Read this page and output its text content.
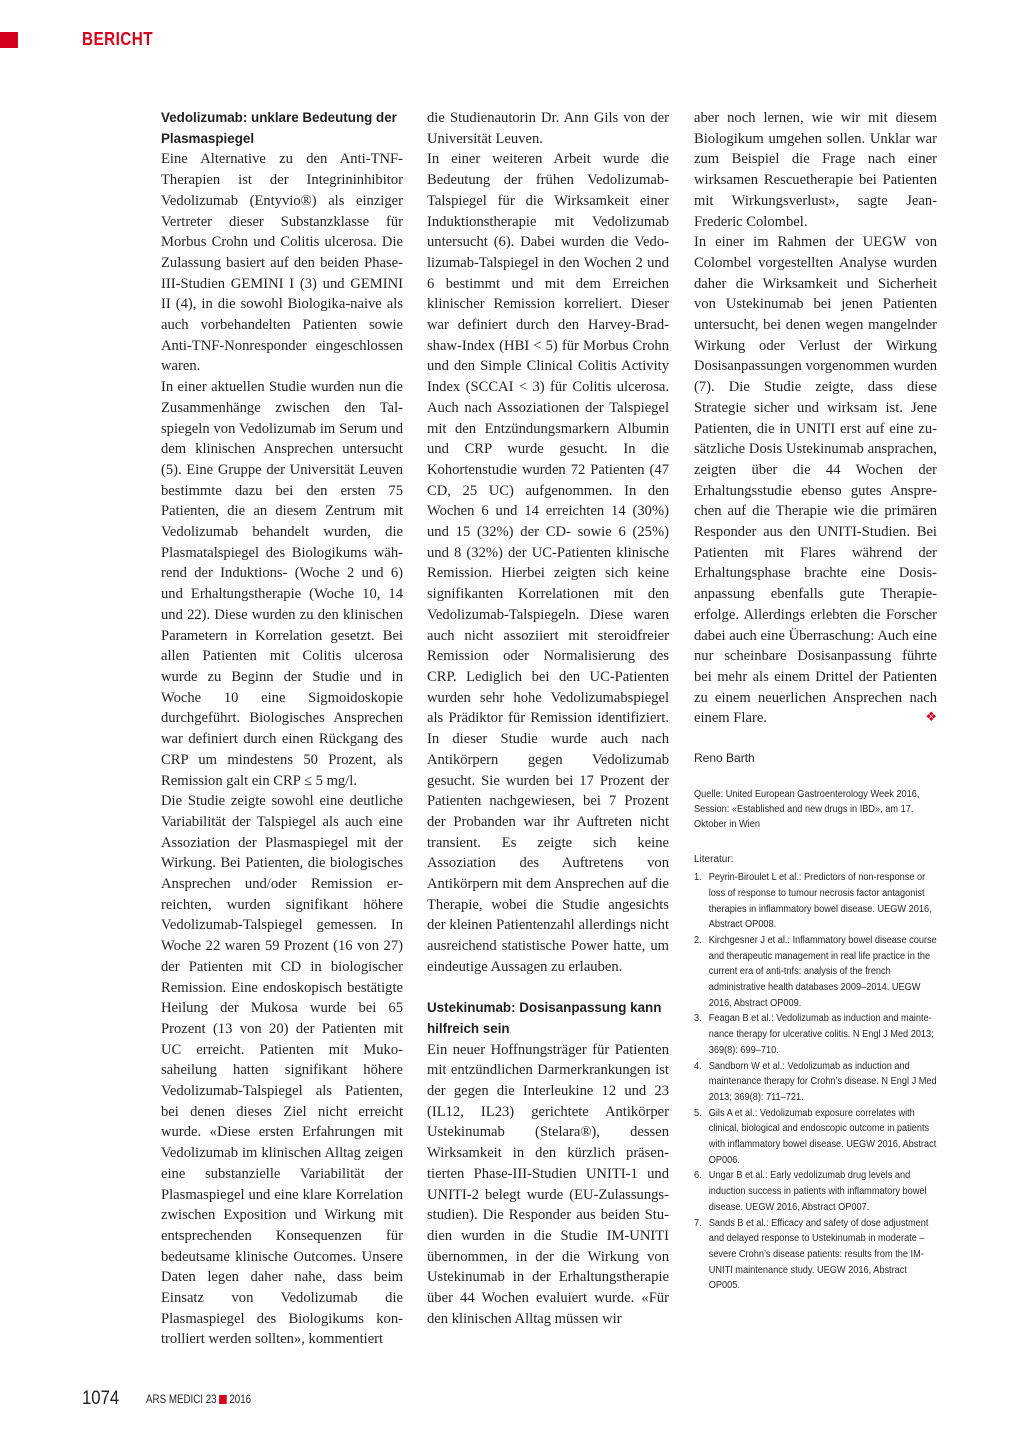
BERICHT
Vedolizumab: unklare Bedeutung der Plasmaspiegel

Eine Alternative zu den Anti-TNF-Therapien ist der Integrininhibitor Vedolizumab (Entyvio®) als einziger Vertreter dieser Substanzklasse für Morbus Crohn und Colitis ulcerosa. Die Zulassung basiert auf den beiden Phase-III-Studien GEMINI I (3) und GEMINI II (4), in die sowohl Biologika-naive als auch vorbehandelten Patienten sowie Anti-TNF-Nonresponder eingeschlossen waren.

In einer aktuellen Studie wurden nun die Zusammenhänge zwischen den Talspiegeln von Vedolizumab im Serum und dem klinischen Ansprechen untersucht (5). Eine Gruppe der Universität Leuven bestimmte dazu bei den ersten 75 Patienten, die an diesem Zentrum mit Vedolizumab behandelt wurden, die Plasmatalspiegel des Biologikums während der Induktions- (Woche 2 und 6) und Erhaltungstherapie (Woche 10, 14 und 22). Diese wurden zu den klinischen Parametern in Korrelation gesetzt. Bei allen Patienten mit Colitis ulcerosa wurde zu Beginn der Studie und in Woche 10 eine Sigmoidoskopie durchgeführt. Biologisches Ansprechen war definiert durch einen Rückgang des CRP um mindestens 50 Prozent, als Remission galt ein CRP ≤ 5 mg/l.

Die Studie zeigte sowohl eine deutliche Variabilität der Talspiegel als auch eine Assoziation der Plasmaspiegel mit der Wirkung. Bei Patienten, die biologisches Ansprechen und/oder Remission erreichten, wurden signifikant höhere Vedolizumab-Talspiegel gemessen. In Woche 22 waren 59 Prozent (16 von 27) der Patienten mit CD in biologischer Remission. Eine endoskopisch bestätigte Heilung der Mukosa wurde bei 65 Prozent (13 von 20) der Patienten mit UC erreicht. Patienten mit Mukosaheilung hatten signifikant höhere Vedolizumab-Talspiegel als Patienten, bei denen dieses Ziel nicht erreicht wurde. «Diese ersten Erfahrungen mit Vedolizumab im klinischen Alltag zeigen eine substanzielle Variabilität der Plasmaspiegel und eine klare Korrelation zwischen Exposition und Wirkung mit entsprechenden Konsequenzen für bedeutsame klinische Outcomes. Unsere Daten legen daher nahe, dass beim Einsatz von Vedolizumab die Plasmaspiegel des Biologikums kontrolliert werden sollten», kommentiert

die Studienautorin Dr. Ann Gils von der Universität Leuven.

In einer weiteren Arbeit wurde die Bedeutung der frühen Vedolizumab-Talspiegel für die Wirksamkeit einer Induktionstherapie mit Vedolizumab untersucht (6). Dabei wurden die Vedolizumab-Talspiegel in den Wochen 2 und 6 bestimmt und mit dem Erreichen klinischer Remission korreliert. Dieser war definiert durch den Harvey-Bradshaw-Index (HBI < 5) für Morbus Crohn und den Simple Clinical Colitis Activity Index (SCCAI < 3) für Colitis ulcerosa. Auch nach Assoziationen der Talspiegel mit den Entzündungsmarkern Albumin und CRP wurde gesucht. In die Kohortenstudie wurden 72 Patienten (47 CD, 25 UC) aufgenommen. In den Wochen 6 und 14 erreichten 14 (30%) und 15 (32%) der CD- sowie 6 (25%) und 8 (32%) der UC-Patienten klinische Remission. Hierbei zeigten sich keine signifikanten Korrelationen mit den Vedolizumab-Talspiegeln. Diese waren auch nicht assoziiert mit steroidfreier Remission oder Normalisierung des CRP. Lediglich bei den UC-Patienten wurden sehr hohe Vedolizumabspiegel als Prädiktor für Remission identifiziert. In dieser Studie wurde auch nach Antikörpern gegen Vedolizumab gesucht. Sie wurden bei 17 Prozent der Patienten nachgewiesen, bei 7 Prozent der Probanden war ihr Auftreten nicht transient. Es zeigte sich keine Assoziation des Auftretens von Antikörpern mit dem Ansprechen auf die Therapie, wobei die Studie angesichts der kleinen Patientenzahl allerdings nicht ausreichend statistische Power hatte, um eindeutige Aussagen zu erlauben.

Ustekinumab: Dosisanpassung kann hilfreich sein

Ein neuer Hoffnungsträger für Patienten mit entzündlichen Darmerkrankungen ist der gegen die Interleukine 12 und 23 (IL12, IL23) gerichtete Antikörper Ustekinumab (Stelara®), dessen Wirksamkeit in den kürzlich präsentierten Phase-III-Studien UNITI-1 und UNITI-2 belegt wurde (EU-Zulassungsstudien). Die Responder aus beiden Studien wurden in die Studie IM-UNITI übernommen, in der die Wirkung von Ustekinumab in der Erhaltungstherapie über 44 Wochen evaluiert wurde. «Für den klinischen Alltag müssen wir

aber noch lernen, wie wir mit diesem Biologikum umgehen sollen. Unklar war zum Beispiel die Frage nach einer wirksamen Rescuetherapie bei Patienten mit Wirkungsverlust», sagte Jean-Frederic Colombel.

In einer im Rahmen der UEGW von Colombel vorgestellten Analyse wurden daher die Wirksamkeit und Sicherheit von Ustekinumab bei jenen Patienten untersucht, bei denen wegen mangelnder Wirkung oder Verlust der Wirkung Dosisanpassungen vorgenommen wurden (7). Die Studie zeigte, dass diese Strategie sicher und wirksam ist. Jene Patienten, die in UNITI erst auf eine zusätzliche Dosis Ustekinumab ansprachen, zeigten über die 44 Wochen der Erhaltungsstudie ebenso gutes Ansprechen auf die Therapie wie die primären Responder aus den UNITI-Studien. Bei Patienten mit Flares während der Erhaltungsphase brachte eine Dosisanpassung ebenfalls gute Therapieerfolge. Allerdings erlebten die Forscher dabei auch eine Überraschung: Auch eine nur scheinbare Dosisanpassung führte bei mehr als einem Drittel der Patienten zu einem neuerlichen Ansprechen nach einem Flare.	❖

Reno Barth
Quelle: United European Gastroenterology Week 2016, Session: «Established and new drugs in IBD», am 17. Oktober in Wien
Literatur:
1. Peyrin-Biroulet L et al.: Predictors of non-response or loss of response to tumour necrosis factor antagonist therapies in inflammatory bowel disease. UEGW 2016, Abstract OP008.
2. Kirchgesner J et al.: Inflammatory bowel disease course and therapeutic management in real life practice in the current era of anti-tnfs: analysis of the french administrative health databases 2009–2014. UEGW 2016, Abstract OP009.
3. Feagan B et al.: Vedolizumab as induction and maintenance therapy for ulcerative colitis. N Engl J Med 2013; 369(8): 699–710.
4. Sandborn W et al.: Vedolizumab as induction and maintenance therapy for Crohn’s disease. N Engl J Med 2013; 369(8): 711–721.
5. Gils A et al.: Vedolizumab exposure correlates with clinical, biological and endoscopic outcome in patients with inflammatory bowel disease. UEGW 2016, Abstract OP006.
6. Ungar B et al.: Early vedolizumab drug levels and induction success in patients with inflammatory bowel disease. UEGW 2016, Abstract OP007.
7. Sands B et al.: Efficacy and safety of dose adjustment and delayed response to Ustekinumab in moderate – severe Crohn’s disease patients: results from the IM-UNITI maintenance study. UEGW 2016, Abstract OP005.
1074 ARS MEDICI 23 2016
